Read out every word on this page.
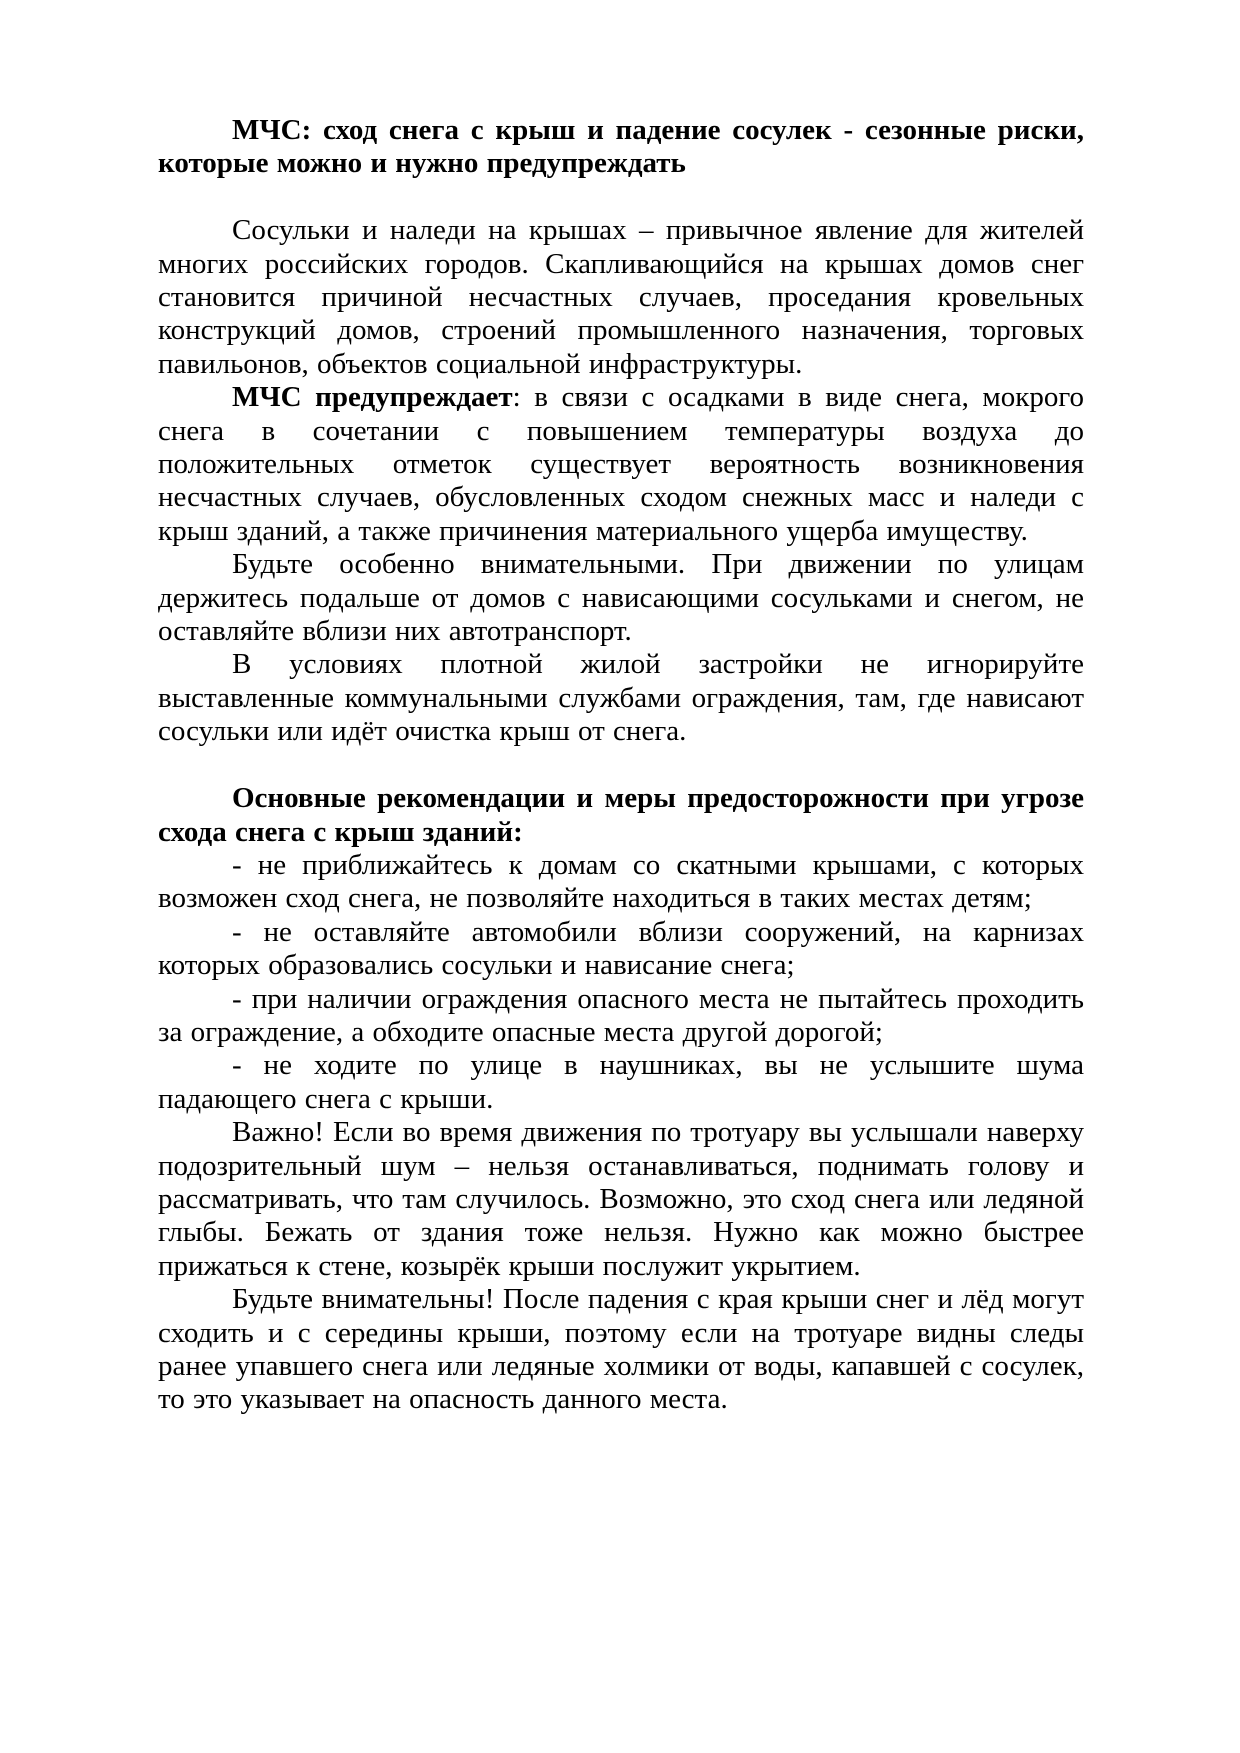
МЧС: сход снега с крыш и падение сосулек - сезонные риски, которые можно и нужно предупреждать

Сосульки и наледи на крышах – привычное явление для жителей многих российских городов. Скапливающийся на крышах домов снег становится причиной несчастных случаев, проседания кровельных конструкций домов, строений промышленного назначения, торговых павильонов, объектов социальной инфраструктуры.

МЧС предупреждает: в связи с осадками в виде снега, мокрого снега в сочетании с повышением температуры воздуха до положительных отметок существует вероятность возникновения несчастных случаев, обусловленных сходом снежных масс и наледи с крыш зданий, а также причинения материального ущерба имуществу.

Будьте особенно внимательными. При движении по улицам держитесь подальше от домов с нависающими сосульками и снегом, не оставляйте вблизи них автотранспорт.

В условиях плотной жилой застройки не игнорируйте выставленные коммунальными службами ограждения, там, где нависают сосульки или идёт очистка крыш от снега.

Основные рекомендации и меры предосторожности при угрозе схода снега с крыш зданий:

- не приближайтесь к домам со скатными крышами, с которых возможен сход снега, не позволяйте находиться в таких местах детям;

- не оставляйте автомобили вблизи сооружений, на карнизах которых образовались сосульки и нависание снега;

- при наличии ограждения опасного места не пытайтесь проходить за ограждение, а обходите опасные места другой дорогой;

- не ходите по улице в наушниках, вы не услышите шума падающего снега с крыши.

Важно! Если во время движения по тротуару вы услышали наверху подозрительный шум – нельзя останавливаться, поднимать голову и рассматривать, что там случилось. Возможно, это сход снега или ледяной глыбы. Бежать от здания тоже нельзя. Нужно как можно быстрее прижаться к стене, козырёк крыши послужит укрытием.

Будьте внимательны! После падения с края крыши снег и лёд могут сходить и с середины крыши, поэтому если на тротуаре видны следы ранее упавшего снега или ледяные холмики от воды, капавшей с сосулек, то это указывает на опасность данного места.
